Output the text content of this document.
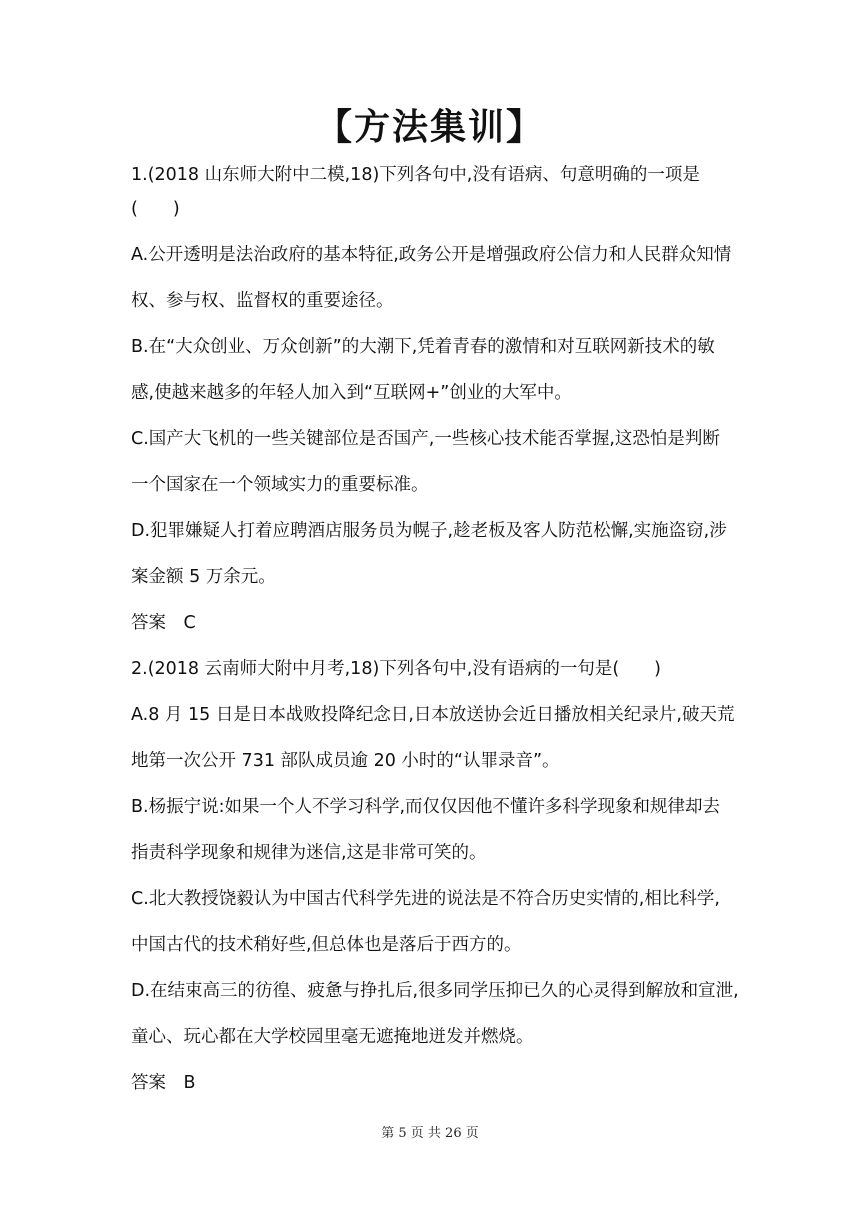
【方法集训】
1.(2018 山东师大附中二模,18)下列各句中,没有语病、句意明确的一项是
(　　)
A.公开透明是法治政府的基本特征,政务公开是增强政府公信力和人民群众知情
权、参与权、监督权的重要途径。
B.在“大众创业、万众创新”的大潮下,凭着青春的激情和对互联网新技术的敏
感,使越来越多的年轻人加入到“互联网+”创业的大军中。
C.国产大飞机的一些关键部位是否国产,一些核心技术能否掌握,这恐怕是判断
一个国家在一个领域实力的重要标准。
D.犯罪嫌疑人打着应聘酒店服务员为幌子,趁老板及客人防范松懈,实施盗窃,涉
案金额 5 万余元。
答案　C
2.(2018 云南师大附中月考,18)下列各句中,没有语病的一句是(　　)
A.8 月 15 日是日本战败投降纪念日,日本放送协会近日播放相关纪录片,破天荒
地第一次公开 731 部队成员逾 20 小时的“认罪录音”。
B.杨振宁说:如果一个人不学习科学,而仅仅因他不懂许多科学现象和规律却去
指责科学现象和规律为迷信,这是非常可笑的。
C.北大教授饶毅认为中国古代科学先进的说法是不符合历史实情的,相比科学,
中国古代的技术稍好些,但总体也是落后于西方的。
D.在结束高三的彷徨、疲惫与挣扎后,很多同学压抑已久的心灵得到解放和宣泄,
童心、玩心都在大学校园里毫无遮掩地迸发并燃烧。
答案　B
第 5 页 共 26 页
